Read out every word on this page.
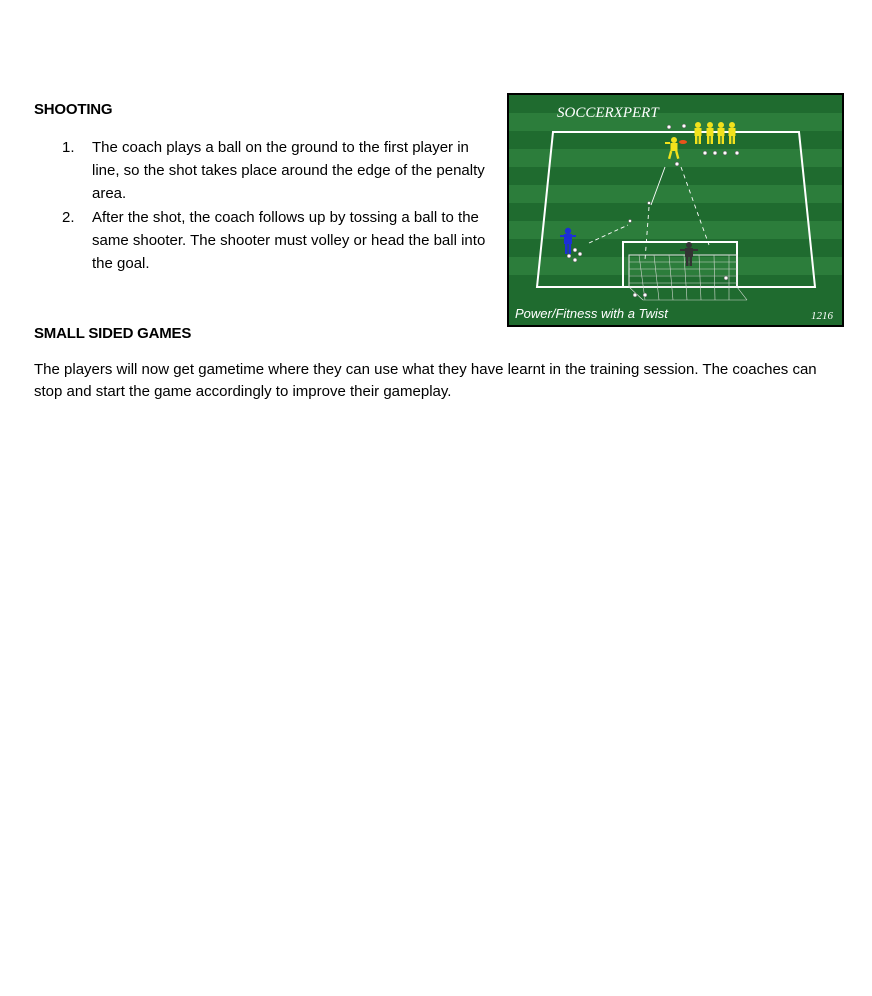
SHOOTING
1. The coach plays a ball on the ground to the first player in line, so the shot takes place around the edge of the penalty area.
2. After the shot, the coach follows up by tossing a ball to the same shooter. The shooter must volley or head the ball into the goal.
SMALL SIDED GAMES

The players will now get gametime where they can use what they have learnt in the training session. The coaches can stop and start the game accordingly to improve their gameplay.

SOCCERXPERT
Power/Fitness with a Twist	1216
